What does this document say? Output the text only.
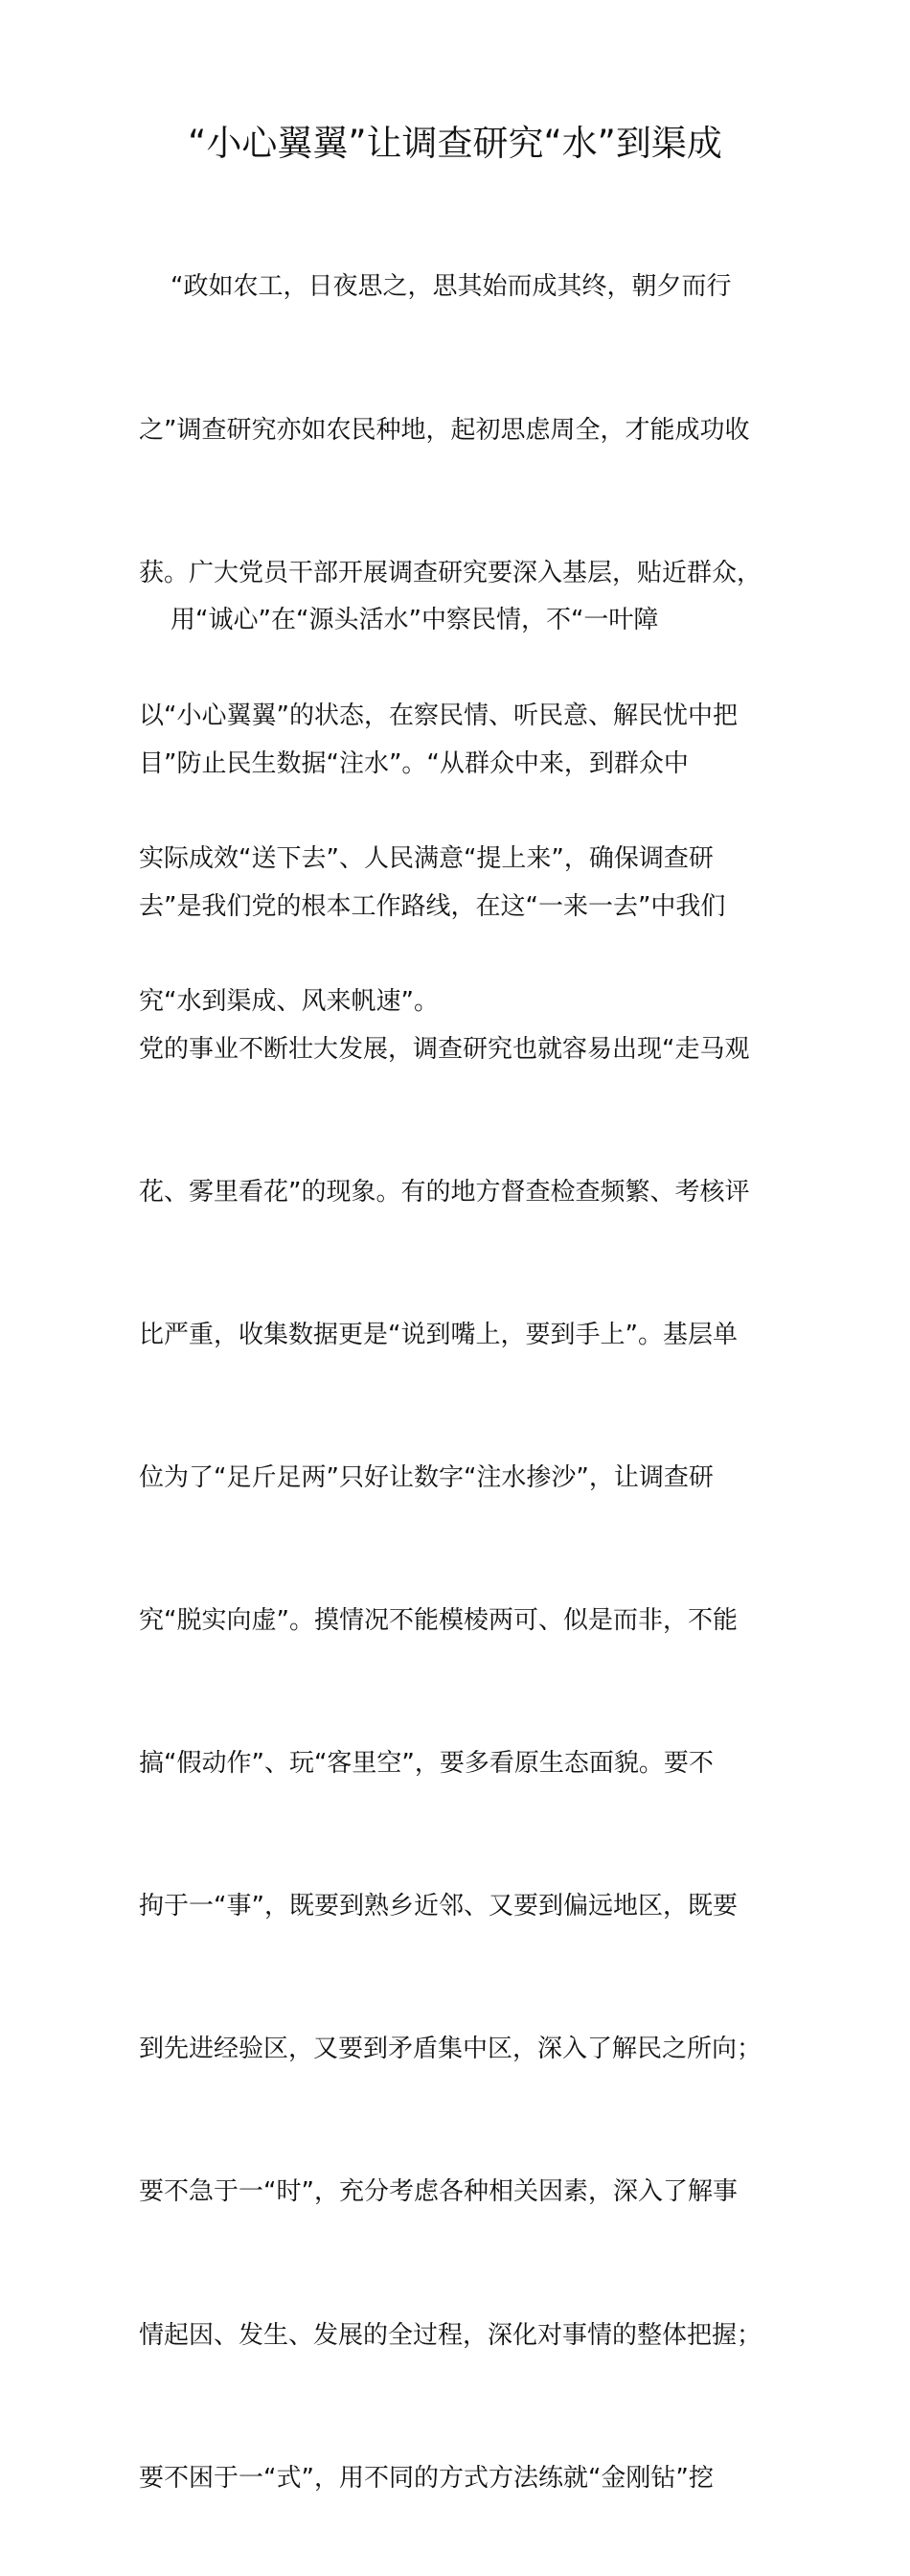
“小心翼翼”让调查研究“水”到渠成

“政如农工，日夜思之，思其始而成其终，朝夕而行

之”调查研究亦如农民种地，起初思虑周全，才能成功收

获。广大党员干部开展调查研究要深入基层，贴近群众，

以“小心翼翼”的状态，在察民情、听民意、解民忧中把

实际成效“送下去”、人民满意“提上来”，确保调查研

究“水到渠成、风来帆速”。

用“诚心”在“源头活水”中察民情，不“一叶障

目”防止民生数据“注水”。“从群众中来，到群众中

去”是我们党的根本工作路线，在这“一来一去”中我们

党的事业不断壮大发展，调查研究也就容易出现“走马观

花、雾里看花”的现象。有的地方督查检查频繁、考核评

比严重，收集数据更是“说到嘴上，要到手上”。基层单

位为了“足斤足两”只好让数字“注水掺沙”，让调查研

究“脱实向虚”。摸情况不能模棱两可、似是而非，不能

搞“假动作”、玩“客里空”，要多看原生态面貌。要不

拘于一“事”，既要到熟乡近邻、又要到偏远地区，既要

到先进经验区，又要到矛盾集中区，深入了解民之所向；

要不急于一“时”，充分考虑各种相关因素，深入了解事

情起因、发生、发展的全过程，深化对事情的整体把握；

要不困于一“式”，用不同的方式方法练就“金刚钻”挖
